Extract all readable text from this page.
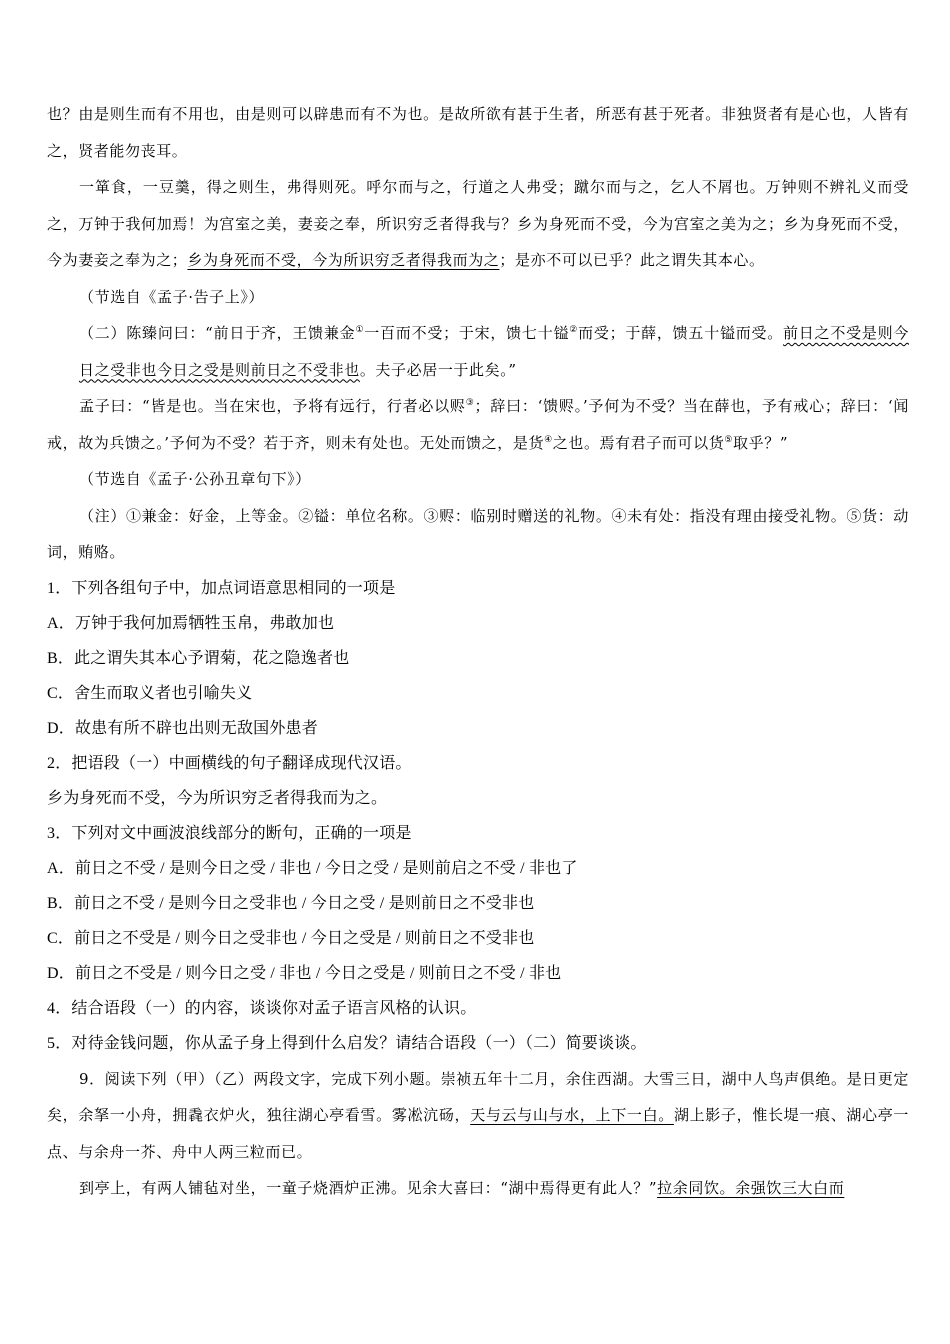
也？由是则生而有不用也，由是则可以辟患而有不为也。是故所欲有甚于生者，所恶有甚于死者。非独贤者有是心也，人皆有之，贤者能勿丧耳。

一箪食，一豆羹，得之则生，弗得则死。呼尔而与之，行道之人弗受；蹴尔而与之，乞人不屑也。万钟则不辨礼义而受之，万钟于我何加焉！为宫室之美，妻妾之奉，所识穷乏者得我与？乡为身死而不受，今为宫室之美为之；乡为身死而不受，今为妻妾之奉为之；乡为身死而不受，今为所识穷乏者得我而为之；是亦不可以已乎？此之谓失其本心。

（节选自《孟子·告子上》）

（二）陈臻问曰：“前日于齐，王馈兼金①一百而不受；于宋，馈七十镒②而受；于薛，馈五十镒而受。前日之不受是则今日之受非也今日之受是则前日之不受非也。夫子必居一于此矣。”

孟子曰：“皆是也。当在宋也，予将有远行，行者必以赆③；辞曰：‘馈赆。’予何为不受？当在薛也，予有戒心；辞曰：‘闻戒，故为兵馈之。’予何为不受？若于齐，则未有处也。无处而馈之，是货④之也。焉有君子而可以货⑤取乎？”

（节选自《孟子·公孙丑章句下》）

（注）①兼金：好金，上等金。②镒：单位名称。③赆：临别时赠送的礼物。④未有处：指没有理由接受礼物。⑤货：动词，贿赂。

1．下列各组句子中，加点词语意思相同的一项是

A．万钟于我何加焉牺牲玉帛，弗敢加也

B．此之谓失其本心予谓菊，花之隐逸者也

C．舍生而取义者也引喻失义

D．故患有所不辟也出则无敌国外患者

2．把语段（一）中画横线的句子翻译成现代汉语。

乡为身死而不受，今为所识穷乏者得我而为之。

3．下列对文中画波浪线部分的断句，正确的一项是

A．前日之不受 / 是则今日之受 / 非也 / 今日之受 / 是则前启之不受 / 非也了

B．前日之不受 / 是则今日之受非也 / 今日之受 / 是则前日之不受非也

C．前日之不受是 / 则今日之受非也 / 今日之受是 / 则前日之不受非也

D．前日之不受是 / 则今日之受 / 非也 / 今日之受是 / 则前日之不受 / 非也

4．结合语段（一）的内容，谈谈你对孟子语言风格的认识。

5．对待金钱问题，你从孟子身上得到什么启发？请结合语段（一）（二）简要谈谈。

9．阅读下列（甲）（乙）两段文字，完成下列小题。崇祯五年十二月，余住西湖。大雪三日，湖中人鸟声俱绝。是日更定矣，余拏一小舟，拥毳衣炉火，独往湖心亭看雪。雾凇沆砀，天与云与山与水，上下一白。湖上影子，惟长堤一痕、湖心亭一点、与余舟一芥、舟中人两三粒而已。

到亭上，有两人铺毡对坐，一童子烧酒炉正沸。见余大喜曰：“湖中焉得更有此人？”拉余同饮。余强饮三大白而
